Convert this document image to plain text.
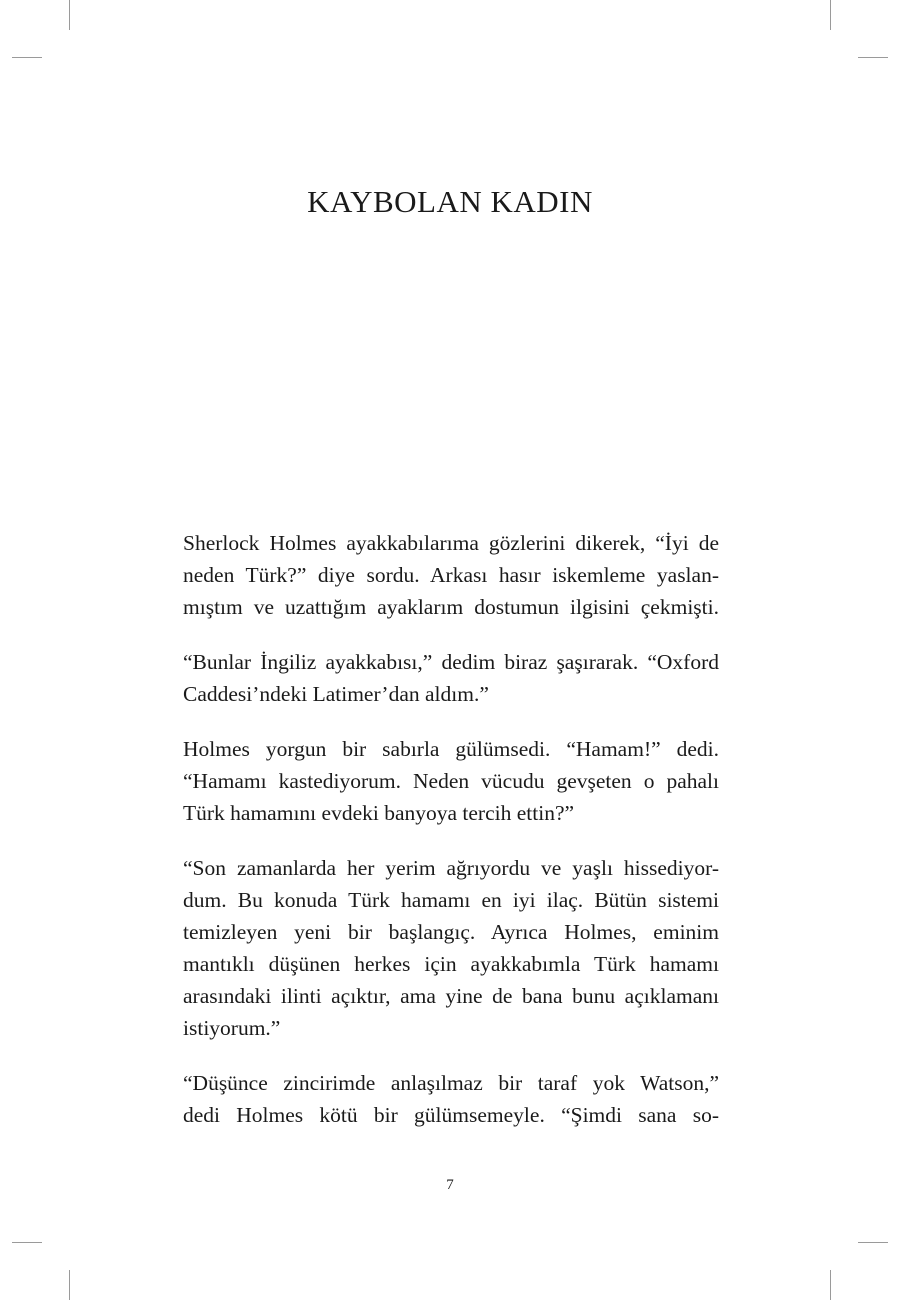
KAYBOLAN KADIN
Sherlock Holmes ayakkabılarıma gözlerini dikerek, “İyi de
neden Türk?” diye sordu. Arkası hasır iskemleme yaslan-
mıştım ve uzattığım ayaklarım dostumun ilgisini çekmişti.
“Bunlar İngiliz ayakkabısı,” dedim biraz şaşırarak. “Oxford
Caddesi’ndeki Latimer’dan aldım.”
Holmes yorgun bir sabırla gülümsedi. “Hamam!” dedi.
“Hamamı kastediyorum. Neden vücudu gevşeten o pahalı
Türk hamamını evdeki banyoya tercih ettin?”
“Son zamanlarda her yerim ağrıyordu ve yaşlı hissediyor-
dum. Bu konuda Türk hamamı en iyi ilaç. Bütün sistemi
temizleyen yeni bir başlangıç. Ayrıca Holmes, eminim
mantıklı düşünen herkes için ayakkabımla Türk hamamı
arasındaki ilinti açıktır, ama yine de bana bunu açıklamanı
istiyorum.”
“Düşünce zincirimde anlaşılmaz bir taraf yok Watson,”
dedi Holmes kötü bir gülümsemeyle. “Şimdi sana so-
7
